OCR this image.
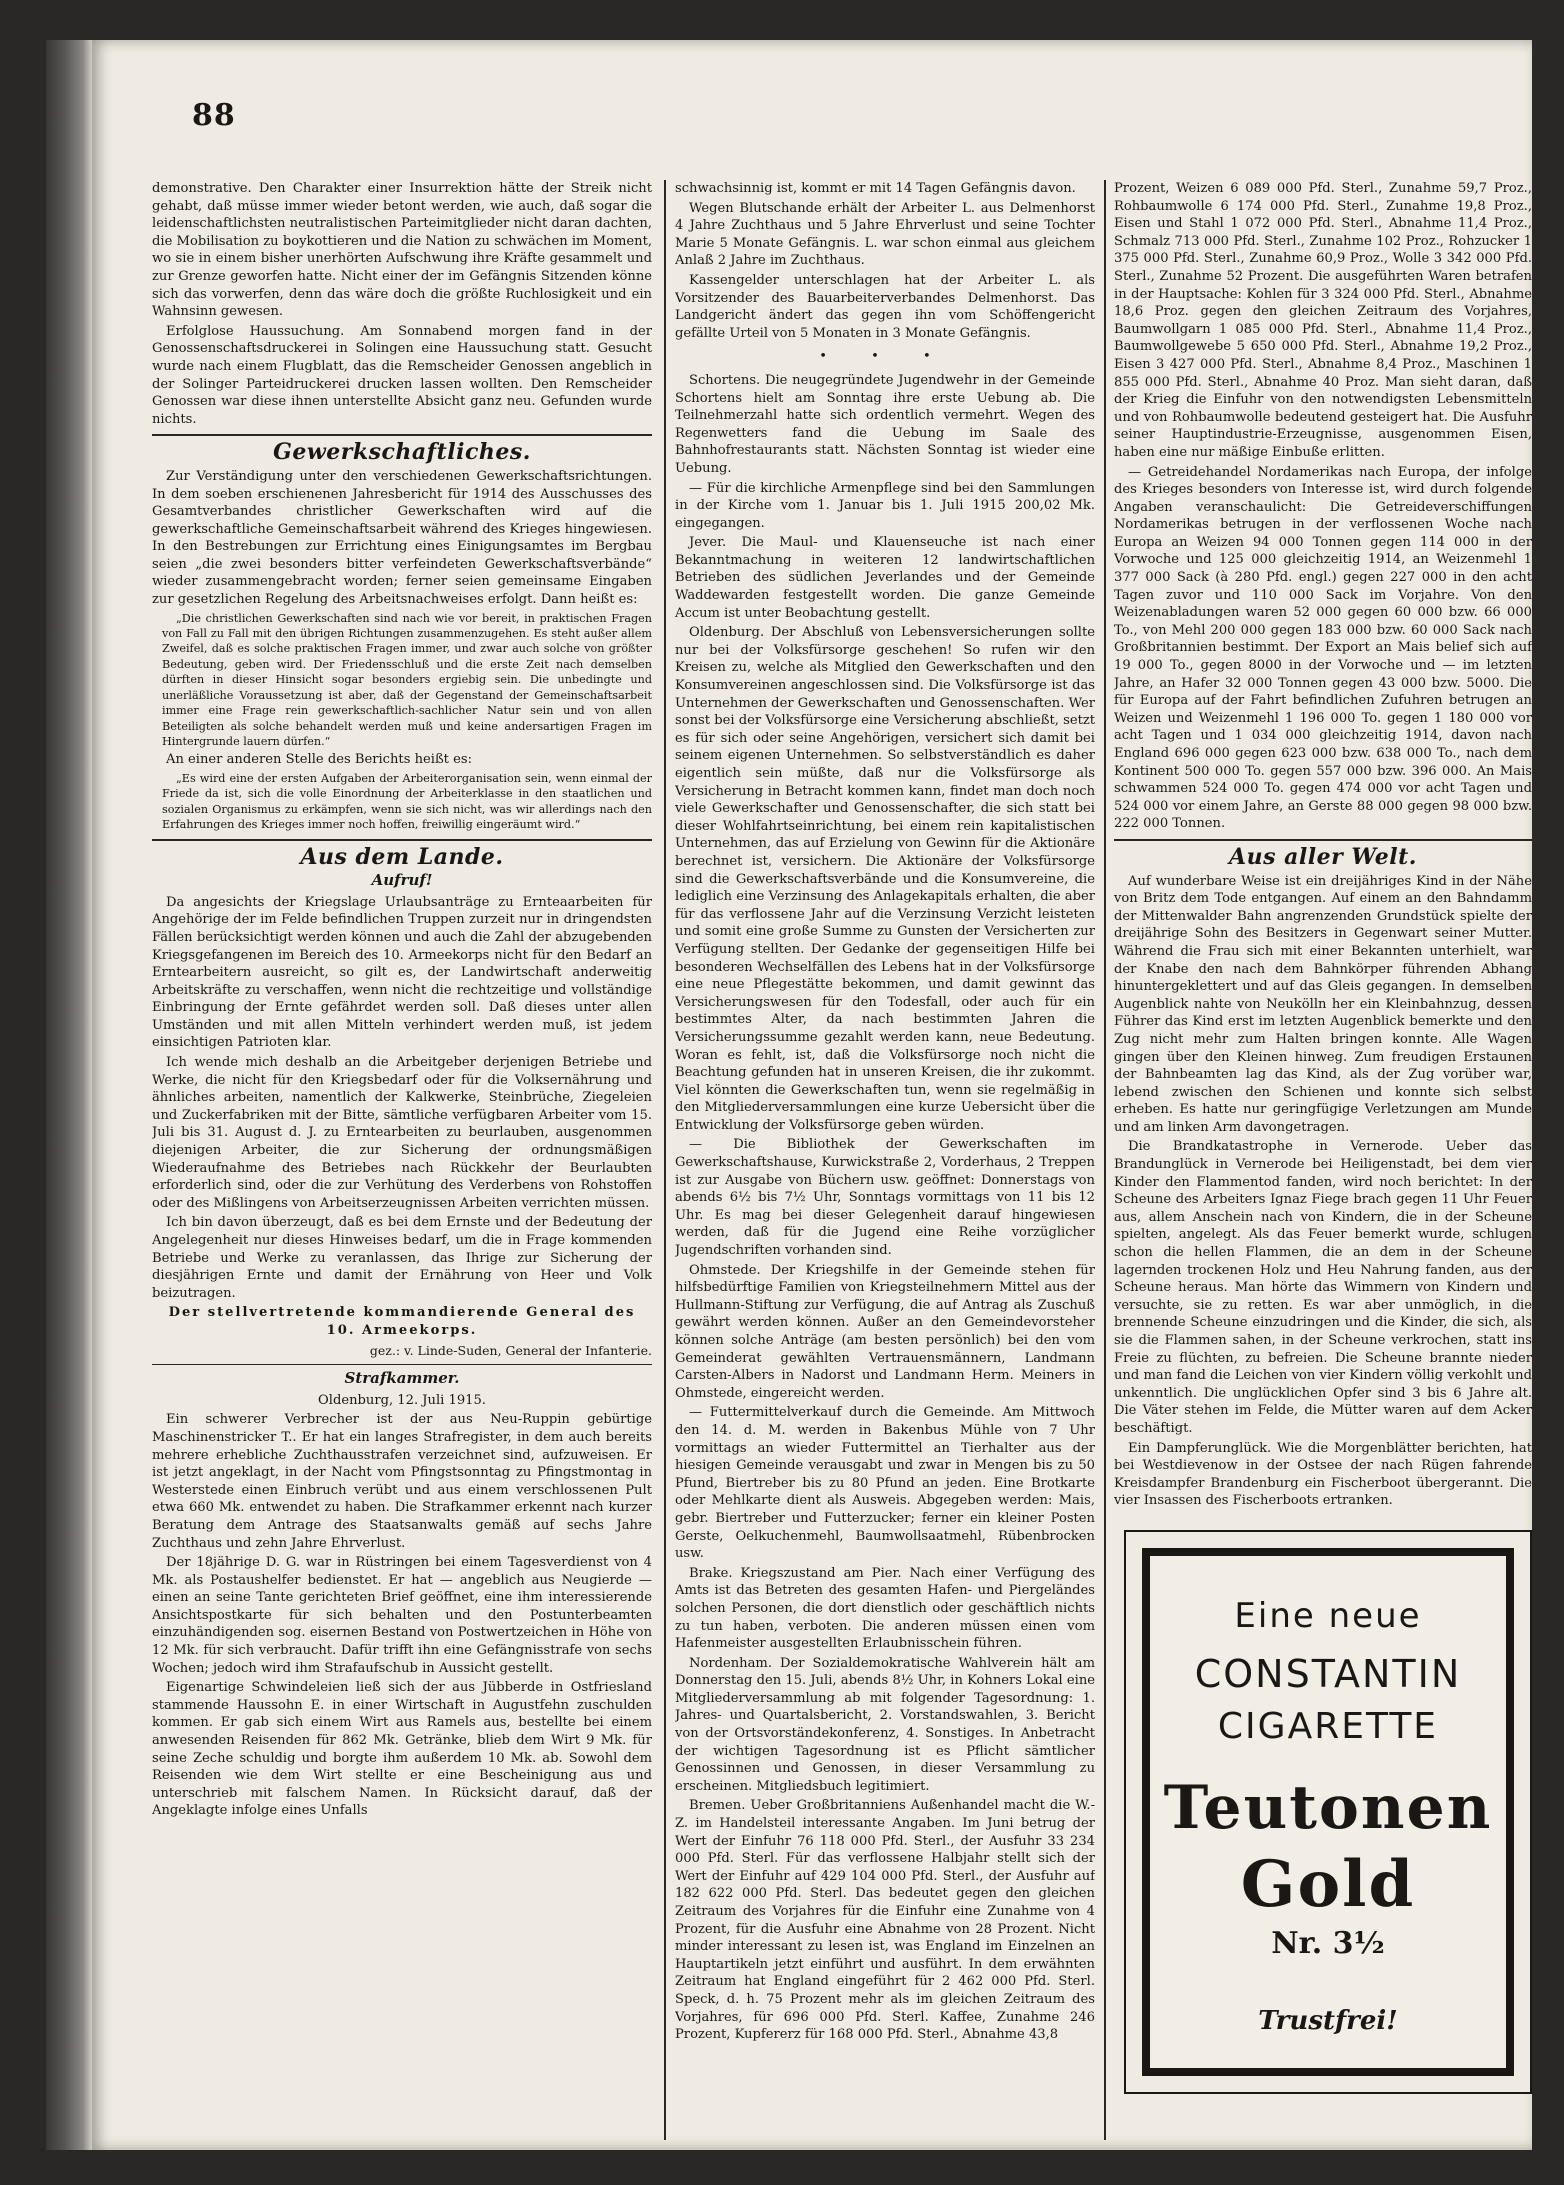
88

demonstrative. Den Charakter einer Insurrektion hätte der Streik nicht gehabt, daß müsse immer wieder betont werden, wie auch, daß sogar die leidenschaftlichsten neutralistischen Parteimitglieder nicht daran dachten, die Mobilisation zu boykottieren und die Nation zu schwächen im Moment, wo sie in einem bisher unerhörten Aufschwung ihre Kräfte gesammelt und zur Grenze geworfen hatte. Nicht einer der im Gefängnis Sitzenden könne sich das vorwerfen, denn das wäre doch die größte Ruchlosigkeit und ein Wahnsinn gewesen.

Erfolglose Haussuchung. Am Sonnabend morgen fand in der Genossenschaftsdruckerei in Solingen eine Haussuchung statt. Gesucht wurde nach einem Flugblatt, das die Remscheider Genossen angeblich in der Solinger Parteidruckerei drucken lassen wollten. Den Remscheider Genossen war diese ihnen unterstellte Absicht ganz neu. Gefunden wurde nichts.

Gewerkschaftliches.

Zur Verständigung unter den verschiedenen Gewerkschaftsrichtungen. In dem soeben erschienenen Jahresbericht für 1914 des Ausschusses des Gesamtverbandes christlicher Gewerkschaften wird auf die gewerkschaftliche Gemeinschaftsarbeit während des Krieges hingewiesen. In den Bestrebungen zur Errichtung eines Einigungsamtes im Bergbau seien „die zwei besonders bitter verfeindeten Gewerkschaftsverbände“ wieder zusammengebracht worden; ferner seien gemeinsame Eingaben zur gesetzlichen Regelung des Arbeitsnachweises erfolgt. Dann heißt es:

„Die christlichen Gewerkschaften sind nach wie vor bereit, in praktischen Fragen von Fall zu Fall mit den übrigen Richtungen zusammenzugehen. Es steht außer allem Zweifel, daß es solche praktischen Fragen immer, und zwar auch solche von größter Bedeutung, geben wird. Der Friedensschluß und die erste Zeit nach demselben dürften in dieser Hinsicht sogar besonders ergiebig sein. Die unbedingte und unerläßliche Voraussetzung ist aber, daß der Gegenstand der Gemeinschaftsarbeit immer eine Frage rein gewerkschaftlich-sachlicher Natur sein und von allen Beteiligten als solche behandelt werden muß und keine andersartigen Fragen im Hintergrunde lauern dürfen.“

An einer anderen Stelle des Berichts heißt es:

„Es wird eine der ersten Aufgaben der Arbeiterorganisation sein, wenn einmal der Friede da ist, sich die volle Einordnung der Arbeiterklasse in den staatlichen und sozialen Organismus zu erkämpfen, wenn sie sich nicht, was wir allerdings nach den Erfahrungen des Krieges immer noch hoffen, freiwillig eingeräumt wird.“

Aus dem Lande.
Aufruf!

Da angesichts der Kriegslage Urlaubsanträge zu Ernteaarbeiten für Angehörige der im Felde befindlichen Truppen zurzeit nur in dringendsten Fällen berücksichtigt werden können und auch die Zahl der abzugebenden Kriegsgefangenen im Bereich des 10. Armeekorps nicht für den Bedarf an Erntearbeitern ausreicht, so gilt es, der Landwirtschaft anderweitig Arbeitskräfte zu verschaffen, wenn nicht die rechtzeitige und vollständige Einbringung der Ernte gefährdet werden soll. Daß dieses unter allen Umständen und mit allen Mitteln verhindert werden muß, ist jedem einsichtigen Patrioten klar.

Ich wende mich deshalb an die Arbeitgeber derjenigen Betriebe und Werke, die nicht für den Kriegsbedarf oder für die Volksernährung und ähnliches arbeiten, namentlich der Kalkwerke, Steinbrüche, Ziegeleien und Zuckerfabriken mit der Bitte, sämtliche verfügbaren Arbeiter vom 15. Juli bis 31. August d. J. zu Erntearbeiten zu beurlauben, ausgenommen diejenigen Arbeiter, die zur Sicherung der ordnungsmäßigen Wiederaufnahme des Betriebes nach Rückkehr der Beurlaubten erforderlich sind, oder die zur Verhütung des Verderbens von Rohstoffen oder des Mißlingens von Arbeitserzeugnissen Arbeiten verrichten müssen.

Ich bin davon überzeugt, daß es bei dem Ernste und der Bedeutung der Angelegenheit nur dieses Hinweises bedarf, um die in Frage kommenden Betriebe und Werke zu veranlassen, das Ihrige zur Sicherung der diesjährigen Ernte und damit der Ernährung von Heer und Volk beizutragen.

Der stellvertretende kommandierende General des 10. Armeekorps.

gez.: v. Linde-Suden, General der Infanterie.

Strafkammer.

Oldenburg, 12. Juli 1915.

Ein schwerer Verbrecher ist der aus Neu-Ruppin gebürtige Maschinenstricker T.. Er hat ein langes Strafregister, in dem auch bereits mehrere erhebliche Zuchthausstrafen verzeichnet sind, aufzuweisen. Er ist jetzt angeklagt, in der Nacht vom Pfingstsonntag zu Pfingstmontag in Westerstede einen Einbruch verübt und aus einem verschlossenen Pult etwa 660 Mk. entwendet zu haben. Die Strafkammer erkennt nach kurzer Beratung dem Antrage des Staatsanwalts gemäß auf sechs Jahre Zuchthaus und zehn Jahre Ehrverlust.

Der 18jährige D. G. war in Rüstringen bei einem Tagesverdienst von 4 Mk. als Postaushelfer bedienstet. Er hat — angeblich aus Neugierde — einen an seine Tante gerichteten Brief geöffnet, eine ihm interessierende Ansichtspostkarte für sich behalten und den Postunterbeamten einzuhändigenden sog. eisernen Bestand von Postwertzeichen in Höhe von 12 Mk. für sich verbraucht. Dafür trifft ihn eine Gefängnisstrafe von sechs Wochen; jedoch wird ihm Strafaufschub in Aussicht gestellt.

Eigenartige Schwindeleien ließ sich der aus Jübberde in Ostfriesland stammende Haussohn E. in einer Wirtschaft in Augustfehn zuschulden kommen. Er gab sich einem Wirt aus Ramels aus, bestellte bei einem anwesenden Reisenden für 862 Mk. Getränke, blieb dem Wirt 9 Mk. für seine Zeche schuldig und borgte ihm außerdem 10 Mk. ab. Sowohl dem Reisenden wie dem Wirt stellte er eine Bescheinigung aus und unterschrieb mit falschem Namen. In Rücksicht darauf, daß der Angeklagte infolge eines Unfalls

schwachsinnig ist, kommt er mit 14 Tagen Gefängnis davon.

Wegen Blutschande erhält der Arbeiter L. aus Delmenhorst 4 Jahre Zuchthaus und 5 Jahre Ehrverlust und seine Tochter Marie 5 Monate Gefängnis. L. war schon einmal aus gleichem Anlaß 2 Jahre im Zuchthaus.

Kassengelder unterschlagen hat der Arbeiter L. als Vorsitzender des Bauarbeiterverbandes Delmenhorst. Das Landgericht ändert das gegen ihn vom Schöffengericht gefällte Urteil von 5 Monaten in 3 Monate Gefängnis.

• • •

Schortens. Die neugegründete Jugendwehr in der Gemeinde Schortens hielt am Sonntag ihre erste Uebung ab. Die Teilnehmerzahl hatte sich ordentlich vermehrt. Wegen des Regenwetters fand die Uebung im Saale des Bahnhofrestaurants statt. Nächsten Sonntag ist wieder eine Uebung.

— Für die kirchliche Armenpflege sind bei den Sammlungen in der Kirche vom 1. Januar bis 1. Juli 1915 200,02 Mk. eingegangen.

Jever. Die Maul- und Klauenseuche ist nach einer Bekanntmachung in weiteren 12 landwirtschaftlichen Betrieben des südlichen Jeverlandes und der Gemeinde Waddewarden festgestellt worden. Die ganze Gemeinde Accum ist unter Beobachtung gestellt.

Oldenburg. Der Abschluß von Lebensversicherungen sollte nur bei der Volksfürsorge geschehen! So rufen wir den Kreisen zu, welche als Mitglied den Gewerkschaften und den Konsumvereinen angeschlossen sind. Die Volksfürsorge ist das Unternehmen der Gewerkschaften und Genossenschaften. Wer sonst bei der Volksfürsorge eine Versicherung abschließt, setzt es für sich oder seine Angehörigen, versichert sich damit bei seinem eigenen Unternehmen. So selbstverständlich es daher eigentlich sein müßte, daß nur die Volksfürsorge als Versicherung in Betracht kommen kann, findet man doch noch viele Gewerkschafter und Genossenschafter, die sich statt bei dieser Wohlfahrtseinrichtung, bei einem rein kapitalistischen Unternehmen, das auf Erzielung von Gewinn für die Aktionäre berechnet ist, versichern. Die Aktionäre der Volksfürsorge sind die Gewerkschaftsverbände und die Konsumvereine, die lediglich eine Verzinsung des Anlagekapitals erhalten, die aber für das verflossene Jahr auf die Verzinsung Verzicht leisteten und somit eine große Summe zu Gunsten der Versicherten zur Verfügung stellten. Der Gedanke der gegenseitigen Hilfe bei besonderen Wechselfällen des Lebens hat in der Volksfürsorge eine neue Pflegestätte bekommen, und damit gewinnt das Versicherungswesen für den Todesfall, oder auch für ein bestimmtes Alter, da nach bestimmten Jahren die Versicherungssumme gezahlt werden kann, neue Bedeutung. Woran es fehlt, ist, daß die Volksfürsorge noch nicht die Beachtung gefunden hat in unseren Kreisen, die ihr zukommt. Viel könnten die Gewerkschaften tun, wenn sie regelmäßig in den Mitgliederversammlungen eine kurze Uebersicht über die Entwicklung der Volksfürsorge geben würden.

— Die Bibliothek der Gewerkschaften im Gewerkschaftshause, Kurwickstraße 2, Vorderhaus, 2 Treppen ist zur Ausgabe von Büchern usw. geöffnet: Donnerstags von abends 6½ bis 7½ Uhr, Sonntags vormittags von 11 bis 12 Uhr. Es mag bei dieser Gelegenheit darauf hingewiesen werden, daß für die Jugend eine Reihe vorzüglicher Jugendschriften vorhanden sind.

Ohmstede. Der Kriegshilfe in der Gemeinde stehen für hilfsbedürftige Familien von Kriegsteilnehmern Mittel aus der Hullmann-Stiftung zur Verfügung, die auf Antrag als Zuschuß gewährt werden können. Außer an den Gemeindevorsteher können solche Anträge (am besten persönlich) bei den vom Gemeinderat gewählten Vertrauensmännern, Landmann Carsten-Albers in Nadorst und Landmann Herm. Meiners in Ohmstede, eingereicht werden.

— Futtermittelverkauf durch die Gemeinde. Am Mittwoch den 14. d. M. werden in Bakenbus Mühle von 7 Uhr vormittags an wieder Futtermittel an Tierhalter aus der hiesigen Gemeinde verausgabt und zwar in Mengen bis zu 50 Pfund, Biertreber bis zu 80 Pfund an jeden. Eine Brotkarte oder Mehlkarte dient als Ausweis. Abgegeben werden: Mais, gebr. Biertreber und Futterzucker; ferner ein kleiner Posten Gerste, Oelkuchenmehl, Baumwollsaatmehl, Rübenbrocken usw.

Brake. Kriegszustand am Pier. Nach einer Verfügung des Amts ist das Betreten des gesamten Hafen- und Piergeländes solchen Personen, die dort dienstlich oder geschäftlich nichts zu tun haben, verboten. Die anderen müssen einen vom Hafenmeister ausgestellten Erlaubnisschein führen.

Nordenham. Der Sozialdemokratische Wahlverein hält am Donnerstag den 15. Juli, abends 8½ Uhr, in Kohners Lokal eine Mitgliederversammlung ab mit folgender Tagesordnung: 1. Jahres- und Quartalsbericht, 2. Vorstandswahlen, 3. Bericht von der Ortsvorständekonferenz, 4. Sonstiges. In Anbetracht der wichtigen Tagesordnung ist es Pflicht sämtlicher Genossinnen und Genossen, in dieser Versammlung zu erscheinen. Mitgliedsbuch legitimiert.

Bremen. Ueber Großbritanniens Außenhandel macht die W.-Z. im Handelsteil interessante Angaben. Im Juni betrug der Wert der Einfuhr 76 118 000 Pfd. Sterl., der Ausfuhr 33 234 000 Pfd. Sterl. Für das verflossene Halbjahr stellt sich der Wert der Einfuhr auf 429 104 000 Pfd. Sterl., der Ausfuhr auf 182 622 000 Pfd. Sterl. Das bedeutet gegen den gleichen Zeitraum des Vorjahres für die Einfuhr eine Zunahme von 4 Prozent, für die Ausfuhr eine Abnahme von 28 Prozent. Nicht minder interessant zu lesen ist, was England im Einzelnen an Hauptartikeln jetzt einführt und ausführt. In dem erwähnten Zeitraum hat England eingeführt für 2 462 000 Pfd. Sterl. Speck, d. h. 75 Prozent mehr als im gleichen Zeitraum des Vorjahres, für 696 000 Pfd. Sterl. Kaffee, Zunahme 246 Prozent, Kupfererz für 168 000 Pfd. Sterl., Abnahme 43,8

Prozent, Weizen 6 089 000 Pfd. Sterl., Zunahme 59,7 Proz., Rohbaumwolle 6 174 000 Pfd. Sterl., Zunahme 19,8 Proz., Eisen und Stahl 1 072 000 Pfd. Sterl., Abnahme 11,4 Proz., Schmalz 713 000 Pfd. Sterl., Zunahme 102 Proz., Rohzucker 1 375 000 Pfd. Sterl., Zunahme 60,9 Proz., Wolle 3 342 000 Pfd. Sterl., Zunahme 52 Prozent. Die ausgeführten Waren betrafen in der Hauptsache: Kohlen für 3 324 000 Pfd. Sterl., Abnahme 18,6 Proz. gegen den gleichen Zeitraum des Vorjahres, Baumwollgarn 1 085 000 Pfd. Sterl., Abnahme 11,4 Proz., Baumwollgewebe 5 650 000 Pfd. Sterl., Abnahme 19,2 Proz., Eisen 3 427 000 Pfd. Sterl., Abnahme 8,4 Proz., Maschinen 1 855 000 Pfd. Sterl., Abnahme 40 Proz. Man sieht daran, daß der Krieg die Einfuhr von den notwendigsten Lebensmitteln und von Rohbaumwolle bedeutend gesteigert hat. Die Ausfuhr seiner Hauptindustrie-Erzeugnisse, ausgenommen Eisen, haben eine nur mäßige Einbuße erlitten.

— Getreidehandel Nordamerikas nach Europa, der infolge des Krieges besonders von Interesse ist, wird durch folgende Angaben veranschaulicht: Die Getreideverschiffungen Nordamerikas betrugen in der verflossenen Woche nach Europa an Weizen 94 000 Tonnen gegen 114 000 in der Vorwoche und 125 000 gleichzeitig 1914, an Weizenmehl 1 377 000 Sack (à 280 Pfd. engl.) gegen 227 000 in den acht Tagen zuvor und 110 000 Sack im Vorjahre. Von den Weizenabladungen waren 52 000 gegen 60 000 bzw. 66 000 To., von Mehl 200 000 gegen 183 000 bzw. 60 000 Sack nach Großbritannien bestimmt. Der Export an Mais belief sich auf 19 000 To., gegen 8000 in der Vorwoche und — im letzten Jahre, an Hafer 32 000 Tonnen gegen 43 000 bzw. 5000. Die für Europa auf der Fahrt befindlichen Zufuhren betrugen an Weizen und Weizenmehl 1 196 000 To. gegen 1 180 000 vor acht Tagen und 1 034 000 gleichzeitig 1914, davon nach England 696 000 gegen 623 000 bzw. 638 000 To., nach dem Kontinent 500 000 To. gegen 557 000 bzw. 396 000. An Mais schwammen 524 000 To. gegen 474 000 vor acht Tagen und 524 000 vor einem Jahre, an Gerste 88 000 gegen 98 000 bzw. 222 000 Tonnen.

Aus aller Welt.

Auf wunderbare Weise ist ein dreijähriges Kind in der Nähe von Britz dem Tode entgangen. Auf einem an den Bahndamm der Mittenwalder Bahn angrenzenden Grundstück spielte der dreijährige Sohn des Besitzers in Gegenwart seiner Mutter. Während die Frau sich mit einer Bekannten unterhielt, war der Knabe den nach dem Bahnkörper führenden Abhang hinuntergeklettert und auf das Gleis gegangen. In demselben Augenblick nahte von Neukölln her ein Kleinbahnzug, dessen Führer das Kind erst im letzten Augenblick bemerkte und den Zug nicht mehr zum Halten bringen konnte. Alle Wagen gingen über den Kleinen hinweg. Zum freudigen Erstaunen der Bahnbeamten lag das Kind, als der Zug vorüber war, lebend zwischen den Schienen und konnte sich selbst erheben. Es hatte nur geringfügige Verletzungen am Munde und am linken Arm davongetragen.

Die Brandkatastrophe in Vernerode. Ueber das Brandunglück in Vernerode bei Heiligenstadt, bei dem vier Kinder den Flammentod fanden, wird noch berichtet: In der Scheune des Arbeiters Ignaz Fiege brach gegen 11 Uhr Feuer aus, allem Anschein nach von Kindern, die in der Scheune spielten, angelegt. Als das Feuer bemerkt wurde, schlugen schon die hellen Flammen, die an dem in der Scheune lagernden trockenen Holz und Heu Nahrung fanden, aus der Scheune heraus. Man hörte das Wimmern von Kindern und versuchte, sie zu retten. Es war aber unmöglich, in die brennende Scheune einzudringen und die Kinder, die sich, als sie die Flammen sahen, in der Scheune verkrochen, statt ins Freie zu flüchten, zu befreien. Die Scheune brannte nieder und man fand die Leichen von vier Kindern völlig verkohlt und unkenntlich. Die unglücklichen Opfer sind 3 bis 6 Jahre alt. Die Väter stehen im Felde, die Mütter waren auf dem Acker beschäftigt.

Ein Dampferunglück. Wie die Morgenblätter berichten, hat bei Westdievenow in der Ostsee der nach Rügen fahrende Kreisdampfer Brandenburg ein Fischerboot übergerannt. Die vier Insassen des Fischerboots ertranken.

Eine neue
CONSTANTIN
CIGARETTE
Teutonen
Gold
Nr. 3½
Trustfrei!
